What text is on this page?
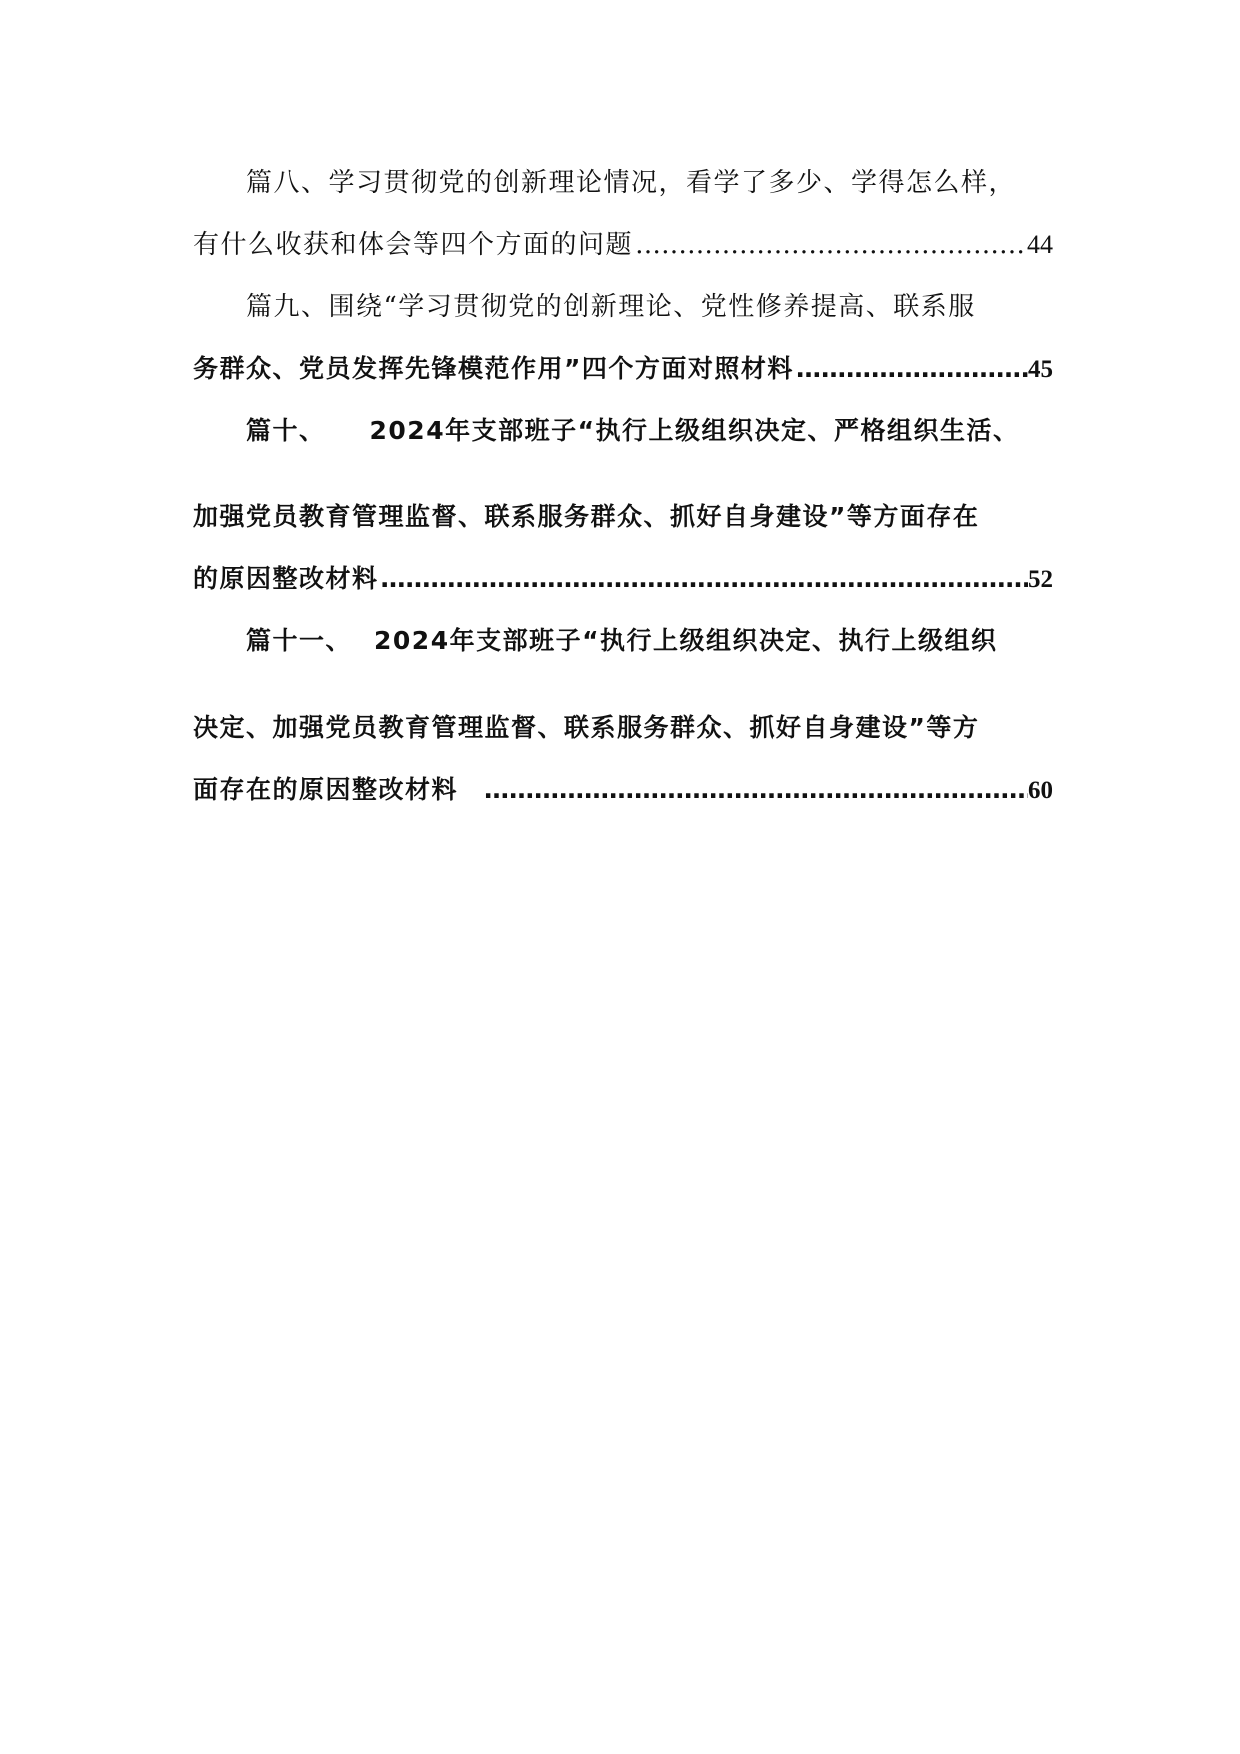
篇八、学习贯彻党的创新理论情况，看学了多少、学得怎么样，
有什么收获和体会等四个方面的问题 ……………………………………………………………………………………………………………………………………………………	44
篇九、围绕“学习贯彻党的创新理论、党性修养提高、联系服
务群众、党员发挥先锋模范作用”四个方面对照材料 ……………………………………………………………………………………………………………………………………………………	45
篇十、 2024年支部班子“执行上级组织决定、严格组织生活、
加强党员教育管理监督、联系服务群众、抓好自身建设”等方面存在
的原因整改材料 ……………………………………………………………………………………………………………………………………………………	52
篇十一、 2024年支部班子“执行上级组织决定、执行上级组织
决定、加强党员教育管理监督、联系服务群众、抓好自身建设”等方
面存在的原因整改材料 ……………………………………………………………………………………………………………………………………………………	60
